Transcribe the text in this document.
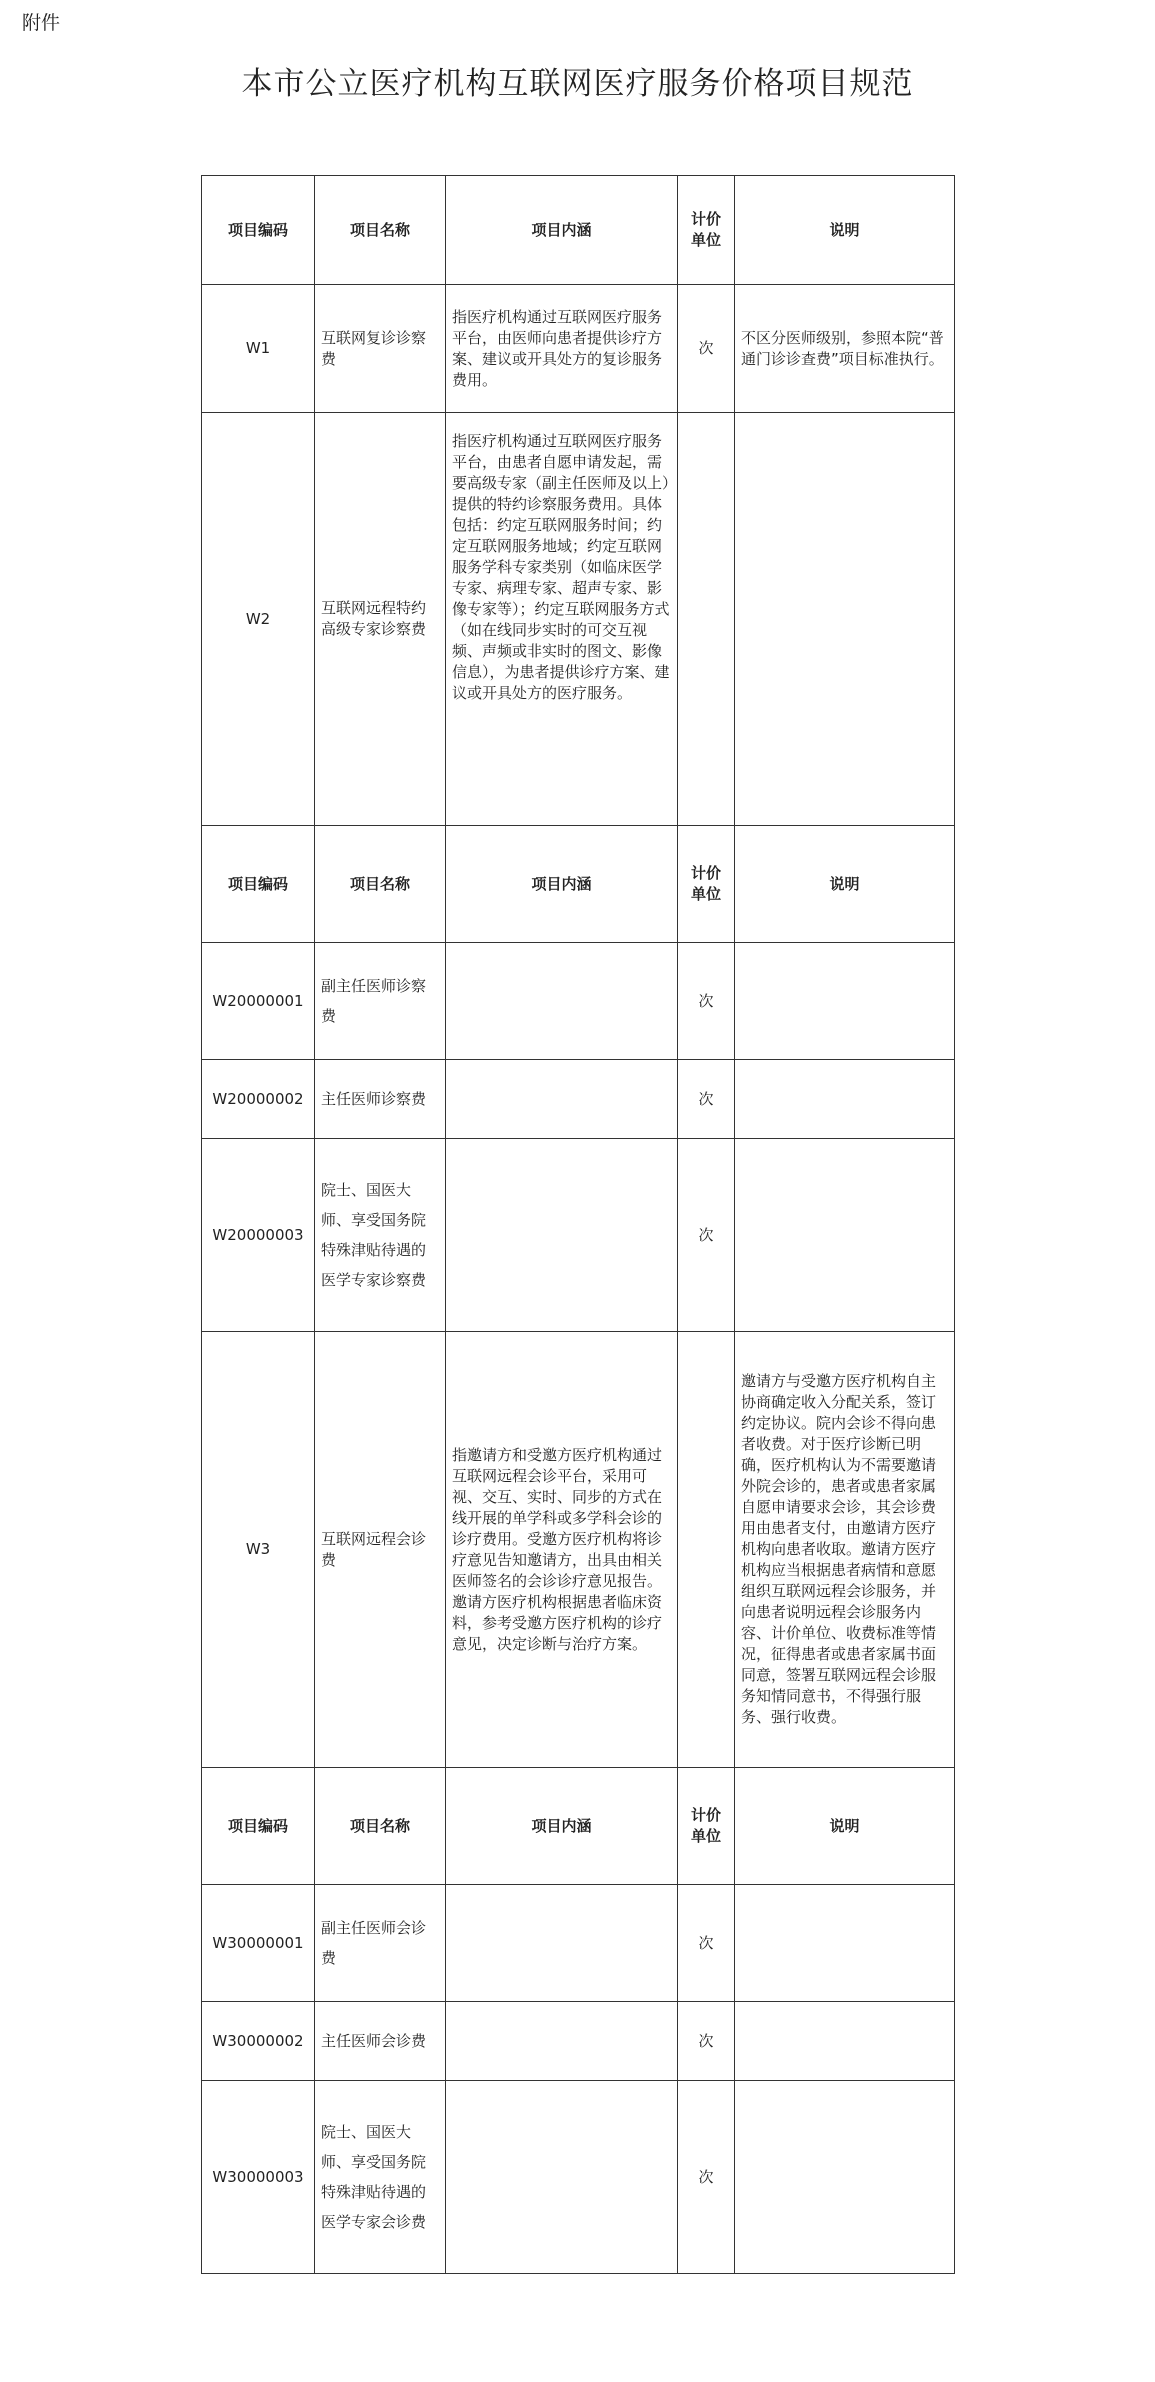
附件
本市公立医疗机构互联网医疗服务价格项目规范
项目编码	项目名称	项目内涵	计价单位	说明
W1	互联网复诊诊察费	指医疗机构通过互联网医疗服务平台，由医师向患者提供诊疗方案、建议或开具处方的复诊服务费用。	次	不区分医师级别，参照本院“普通门诊诊查费”项目标准执行。
W2	互联网远程特约高级专家诊察费	指医疗机构通过互联网医疗服务平台，由患者自愿申请发起，需要高级专家（副主任医师及以上）提供的特约诊察服务费用。具体包括：约定互联网服务时间；约定互联网服务地域；约定互联网服务学科专家类别（如临床医学专家、病理专家、超声专家、影像专家等）；约定互联网服务方式（如在线同步实时的可交互视频、声频或非实时的图文、影像信息），为患者提供诊疗方案、建议或开具处方的医疗服务。		
项目编码	项目名称	项目内涵	计价单位	说明
W20000001	副主任医师诊察费		次	
W20000002	主任医师诊察费		次	
W20000003	院士、国医大师、享受国务院特殊津贴待遇的医学专家诊察费		次	
W3	互联网远程会诊费	指邀请方和受邀方医疗机构通过互联网远程会诊平台，采用可视、交互、实时、同步的方式在线开展的单学科或多学科会诊的诊疗费用。受邀方医疗机构将诊疗意见告知邀请方，出具由相关医师签名的会诊诊疗意见报告。邀请方医疗机构根据患者临床资料，参考受邀方医疗机构的诊疗意见，决定诊断与治疗方案。		邀请方与受邀方医疗机构自主协商确定收入分配关系，签订约定协议。院内会诊不得向患者收费。对于医疗诊断已明确，医疗机构认为不需要邀请外院会诊的，患者或患者家属自愿申请要求会诊，其会诊费用由患者支付，由邀请方医疗机构向患者收取。邀请方医疗机构应当根据患者病情和意愿组织互联网远程会诊服务，并向患者说明远程会诊服务内容、计价单位、收费标准等情况，征得患者或患者家属书面同意，签署互联网远程会诊服务知情同意书，不得强行服务、强行收费。
项目编码	项目名称	项目内涵	计价单位	说明
W30000001	副主任医师会诊费		次	
W30000002	主任医师会诊费		次	
W30000003	院士、国医大师、享受国务院特殊津贴待遇的医学专家会诊费		次	
